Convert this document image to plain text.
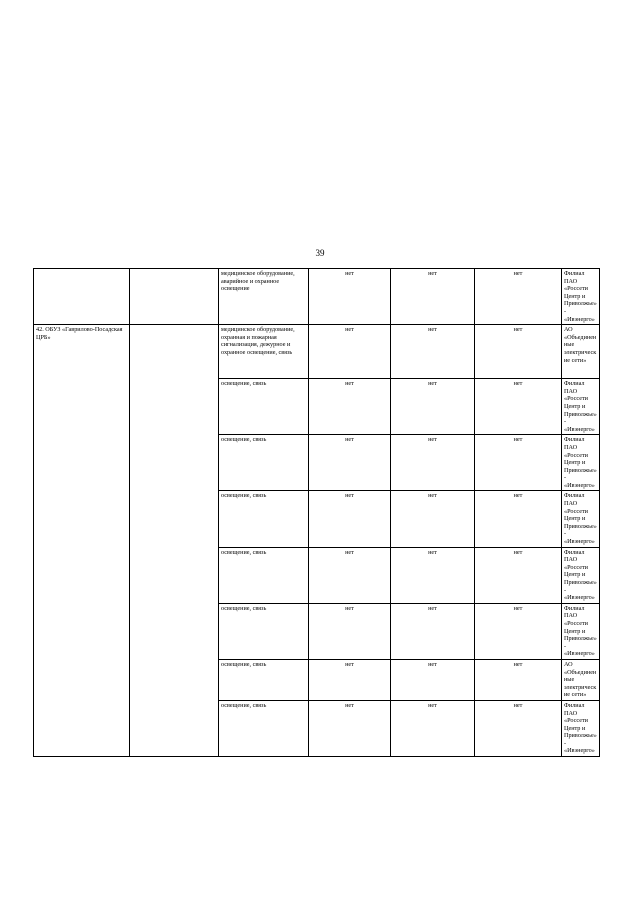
39
		медицинское оборудование, аварийное и охранное освещение	нет	нет	нет	Филиал ПАО «Россети Центр и Приволжье» - «Ивэнерго»
42. ОБУЗ «Гаврилово-Посадская ЦРБ»		медицинское оборудование, охранная и пожарная сигнализация, дежурное и охранное освещение, связь	нет	нет	нет	АО «Объединенные электрические сети»
		освещение, связь	нет	нет	нет	Филиал ПАО «Россети Центр и Приволжье» - «Ивэнерго»
		освещение, связь	нет	нет	нет	Филиал ПАО «Россети Центр и Приволжье» - «Ивэнерго»
		освещение, связь	нет	нет	нет	Филиал ПАО «Россети Центр и Приволжье» - «Ивэнерго»
		освещение, связь	нет	нет	нет	Филиал ПАО «Россети Центр и Приволжье» - «Ивэнерго»
		освещение, связь	нет	нет	нет	Филиал ПАО «Россети Центр и Приволжье» - «Ивэнерго»
		освещение, связь	нет	нет	нет	АО «Объединенные электрические сети»
		освещение, связь	нет	нет	нет	Филиал ПАО «Россети Центр и Приволжье» - «Ивэнерго»
